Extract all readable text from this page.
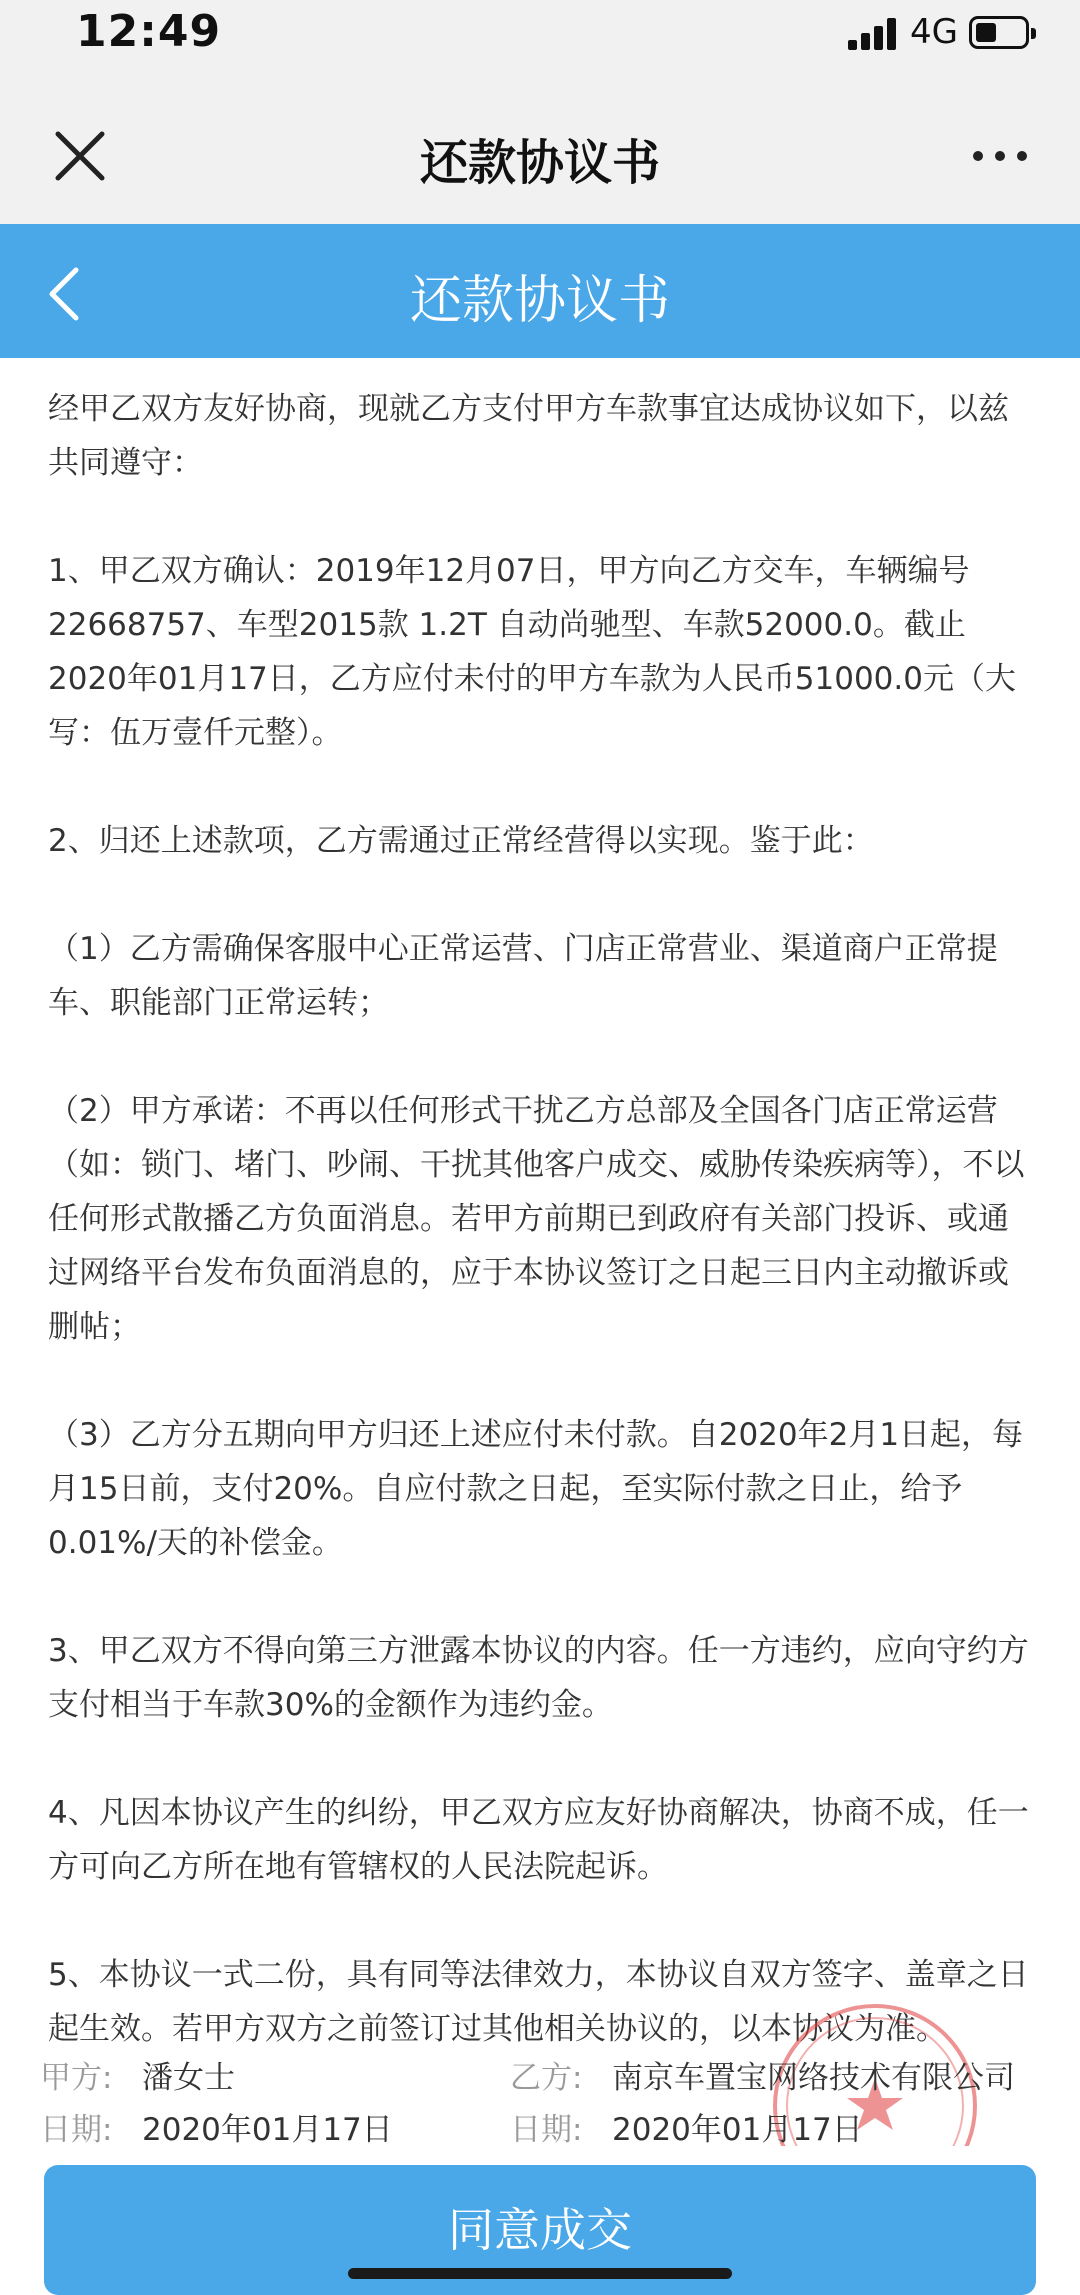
12:49	4G
还款协议书
还款协议书

经甲乙双方友好协商，现就乙方支付甲方车款事宜达成协议如下，以兹共同遵守：

1、甲乙双方确认：2019年12月07日，甲方向乙方交车，车辆编号22668757、车型2015款 1.2T 自动尚驰型、车款52000.0。截止2020年01月17日，乙方应付未付的甲方车款为人民币51000.0元（大写：伍万壹仟元整）。

2、归还上述款项，乙方需通过正常经营得以实现。鉴于此：

（1）乙方需确保客服中心正常运营、门店正常营业、渠道商户正常提车、职能部门正常运转；

（2）甲方承诺：不再以任何形式干扰乙方总部及全国各门店正常运营（如：锁门、堵门、吵闹、干扰其他客户成交、威胁传染疾病等），不以任何形式散播乙方负面消息。若甲方前期已到政府有关部门投诉、或通过网络平台发布负面消息的，应于本协议签订之日起三日内主动撤诉或删帖；

（3）乙方分五期向甲方归还上述应付未付款。自2020年2月1日起，每月15日前，支付20%。自应付款之日起，至实际付款之日止，给予0.01%/天的补偿金。

3、甲乙双方不得向第三方泄露本协议的内容。任一方违约，应向守约方支付相当于车款30%的金额作为违约金。

4、凡因本协议产生的纠纷，甲乙双方应友好协商解决，协商不成，任一方可向乙方所在地有管辖权的人民法院起诉。

5、本协议一式二份，具有同等法律效力，本协议自双方签字、盖章之日起生效。若甲方双方之前签订过其他相关协议的，以本协议为准。

甲方: 潘女士
日期: 2020年01月17日
乙方: 南京车置宝网络技术有限公司
日期: 2020年01月17日
同意成交
